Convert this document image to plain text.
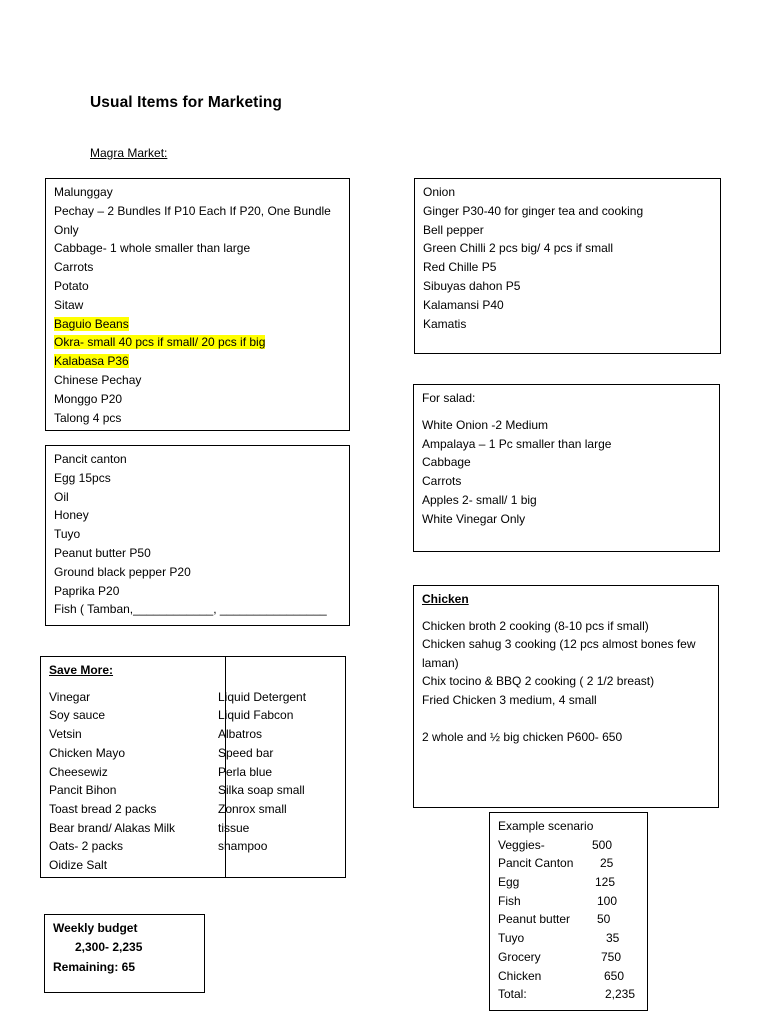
Usual Items for Marketing
Magra Market:
Malunggay
Pechay – 2 Bundles If P10 Each If P20, One Bundle Only
Cabbage- 1 whole smaller than large
Carrots
Potato
Sitaw
Baguio Beans
Okra- small 40 pcs if small/ 20 pcs if big
Kalabasa P36
Chinese Pechay
Monggo P20
Talong 4 pcs
Onion
Ginger P30-40 for ginger tea and cooking
Bell pepper
Green Chilli 2 pcs big/ 4 pcs if small
Red Chille P5
Sibuyas dahon P5
Kalamansi P40
Kamatis
For salad:
White Onion -2 Medium
Ampalaya – 1 Pc smaller than large
Cabbage
Carrots
Apples 2- small/ 1 big
White Vinegar Only
Pancit canton
Egg 15pcs
Oil
Honey
Tuyo
Peanut butter P50
Ground black pepper P20
Paprika P20
Fish ( Tamban,____________, ________________
Chicken
Chicken broth 2 cooking (8-10 pcs if small)
Chicken sahug 3 cooking (12 pcs almost bones few laman)
Chix tocino & BBQ 2 cooking ( 2 1/2 breast)
Fried Chicken 3 medium, 4 small
2 whole and ½ big chicken P600- 650
Save More:
Vinegar
Soy sauce
Vetsin
Chicken Mayo
Cheesewiz
Pancit Bihon
Toast bread 2 packs
Bear brand/ Alakas Milk
Oats- 2 packs
Oidize Salt
Liquid Detergent
Liquid Fabcon
Albatros
Speed bar
Perla blue
Silka soap small
Zonrox small
tissue
shampoo
Weekly budget
2,300- 2,235
Remaining: 65
Example scenario
Veggies-	500
Pancit Canton 25
Egg	125
Fish	100
Peanut butter 50
Tuyo	35
Grocery	750
Chicken	650
Total:	2,235
